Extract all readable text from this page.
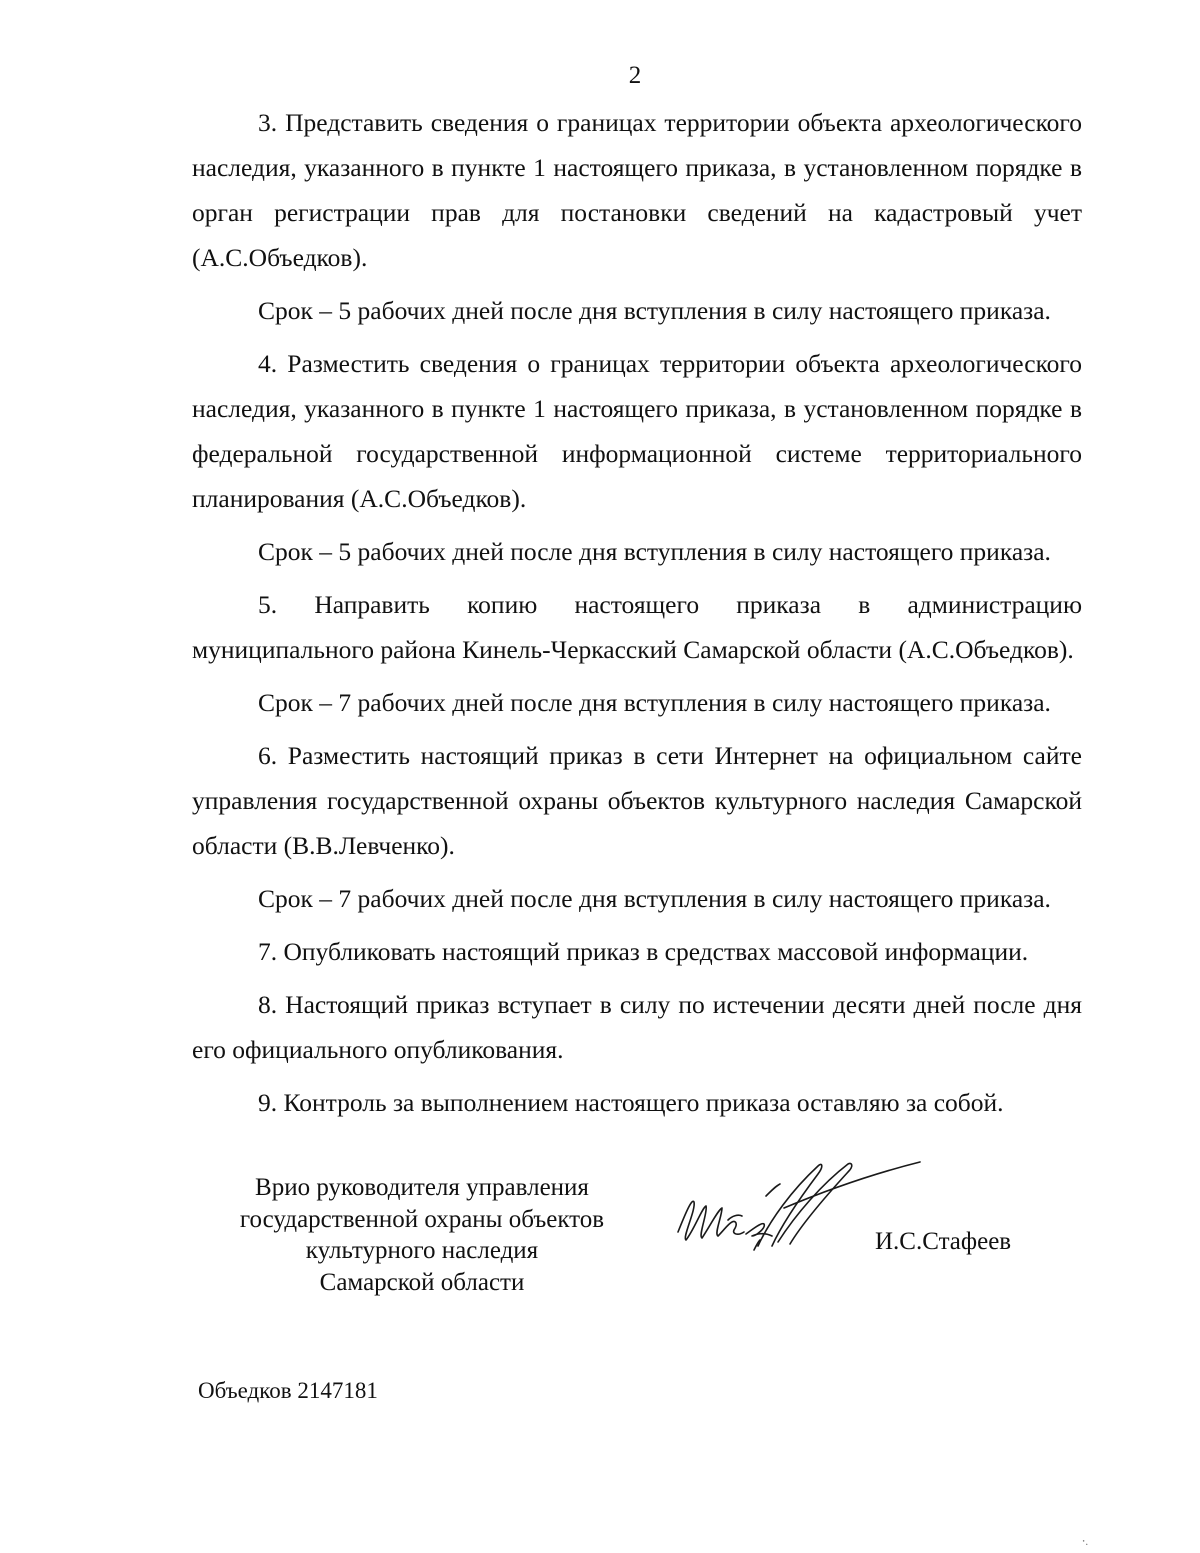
2

3. Представить сведения о границах территории объекта археологического наследия, указанного в пункте 1 настоящего приказа, в установленном порядке в орган регистрации прав для постановки сведений на кадастровый учет (А.С.Объедков).

Срок – 5 рабочих дней после дня вступления в силу настоящего приказа.

4. Разместить сведения о границах территории объекта археологического наследия, указанного в пункте 1 настоящего приказа, в установленном порядке в федеральной государственной информационной системе территориального планирования (А.С.Объедков).

Срок – 5 рабочих дней после дня вступления в силу настоящего приказа.

5. Направить копию настоящего приказа в администрацию муниципального района Кинель-Черкасский Самарской области (А.С.Объедков).

Срок – 7 рабочих дней после дня вступления в силу настоящего приказа.

6. Разместить настоящий приказ в сети Интернет на официальном сайте управления государственной охраны объектов культурного наследия Самарской области (В.В.Левченко).

Срок – 7 рабочих дней после дня вступления в силу настоящего приказа.

7. Опубликовать настоящий приказ в средствах массовой информации.

8. Настоящий приказ вступает в силу по истечении десяти дней после дня его официального опубликования.

9. Контроль за выполнением настоящего приказа оставляю за собой.

Врио руководителя управления
государственной охраны объектов
культурного наследия
Самарской области
И.С.Стафеев
Объедков 2147181
⸱.
